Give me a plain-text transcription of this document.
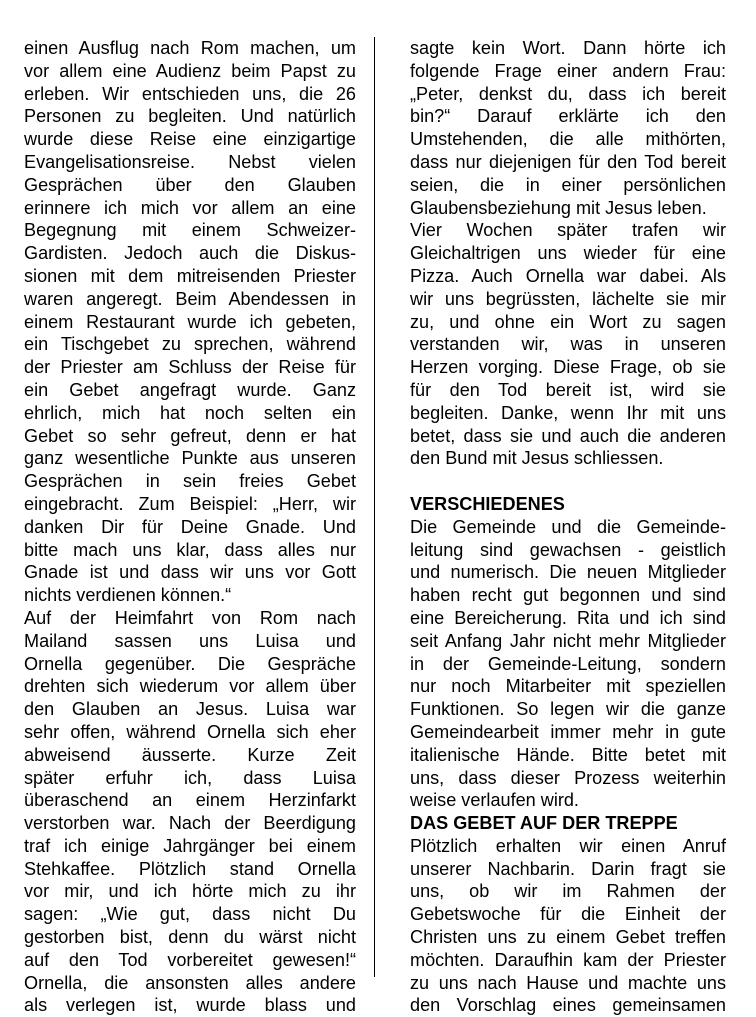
einen Ausflug nach Rom machen, um
vor allem eine Audienz beim Papst zu
erleben. Wir entschieden uns, die 26
Personen zu begleiten. Und natürlich
wurde diese Reise eine einzigartige
Evangelisationsreise. Nebst vielen
Gesprächen über den Glauben
erinnere ich mich vor allem an eine
Begegnung mit einem Schweizer-
Gardisten. Jedoch auch die Diskus-
sionen mit dem mitreisenden Priester
waren angeregt. Beim Abendessen in
einem Restaurant wurde ich gebeten,
ein Tischgebet zu sprechen, während
der Priester am Schluss der Reise für
ein Gebet angefragt wurde. Ganz
ehrlich, mich hat noch selten ein
Gebet so sehr gefreut, denn er hat
ganz wesentliche Punkte aus unseren
Gesprächen in sein freies Gebet
eingebracht. Zum Beispiel: „Herr, wir
danken Dir für Deine Gnade. Und
bitte mach uns klar, dass alles nur
Gnade ist und dass wir uns vor Gott
nichts verdienen können.“
Auf der Heimfahrt von Rom nach
Mailand sassen uns Luisa und
Ornella gegenüber. Die Gespräche
drehten sich wiederum vor allem über
den Glauben an Jesus. Luisa war
sehr offen, während Ornella sich eher
abweisend äusserte. Kurze Zeit
später erfuhr ich, dass Luisa
überaschend an einem Herzinfarkt
verstorben war. Nach der Beerdigung
traf ich einige Jahrgänger bei einem
Stehkaffee. Plötzlich stand Ornella
vor mir, und ich hörte mich zu ihr
sagen: „Wie gut, dass nicht Du
gestorben bist, denn du wärst nicht
auf den Tod vorbereitet gewesen!“
Ornella, die ansonsten alles andere
als verlegen ist, wurde blass und
sagte kein Wort. Dann hörte ich
folgende Frage einer andern Frau:
„Peter, denkst du, dass ich bereit
bin?“ Darauf erklärte ich den
Umstehenden, die alle mithörten,
dass nur diejenigen für den Tod bereit
seien, die in einer persönlichen
Glaubensbeziehung mit Jesus leben.
Vier Wochen später trafen wir
Gleichaltrigen uns wieder für eine
Pizza. Auch Ornella war dabei. Als
wir uns begrüssten, lächelte sie mir
zu, und ohne ein Wort zu sagen
verstanden wir, was in unseren
Herzen vorging. Diese Frage, ob sie
für den Tod bereit ist, wird sie
begleiten. Danke, wenn Ihr mit uns
betet, dass sie und auch die anderen
den Bund mit Jesus schliessen.
VERSCHIEDENES
Die Gemeinde und die Gemeinde-
leitung sind gewachsen - geistlich
und numerisch. Die neuen Mitglieder
haben recht gut begonnen und sind
eine Bereicherung. Rita und ich sind
seit Anfang Jahr nicht mehr Mitglieder
in der Gemeinde-Leitung, sondern
nur noch Mitarbeiter mit speziellen
Funktionen. So legen wir die ganze
Gemeindearbeit immer mehr in gute
italienische Hände. Bitte betet mit
uns, dass dieser Prozess weiterhin
weise verlaufen wird.
DAS GEBET AUF DER TREPPE
Plötzlich erhalten wir einen Anruf
unserer Nachbarin. Darin fragt sie
uns, ob wir im Rahmen der
Gebetswoche für die Einheit der
Christen uns zu einem Gebet treffen
möchten. Daraufhin kam der Priester
zu uns nach Hause und machte uns
den Vorschlag eines gemeinsamen
